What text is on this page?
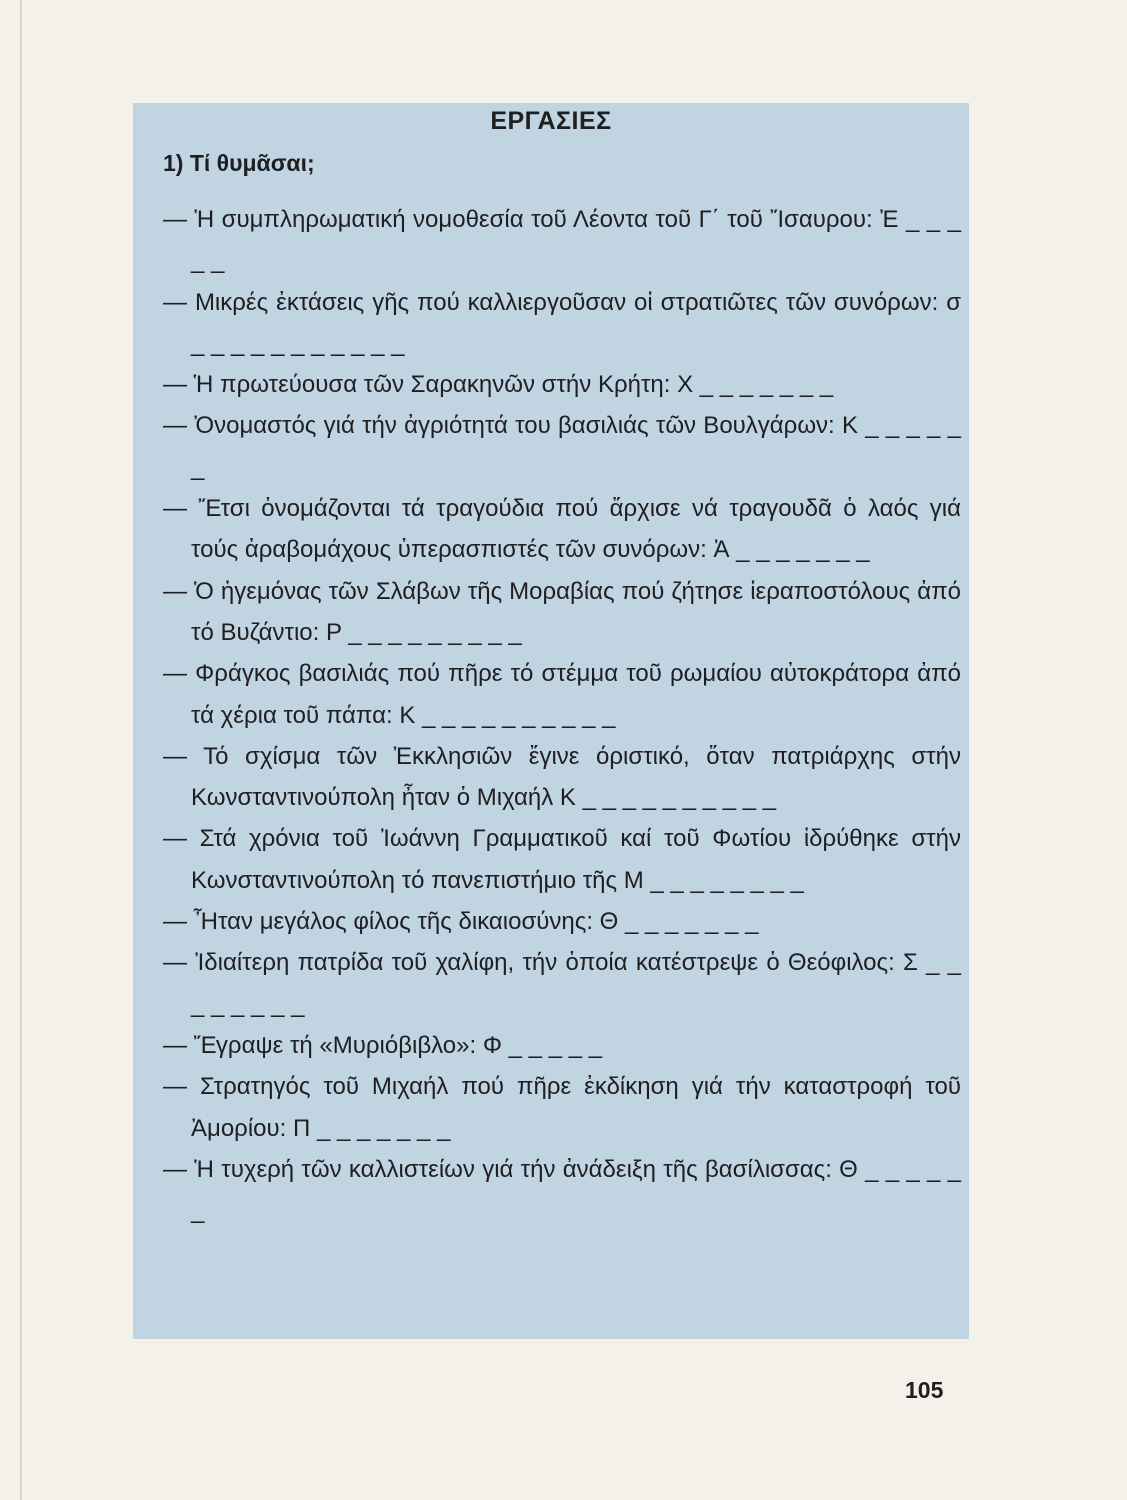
ΕΡΓΑΣΙΕΣ
1) Τί θυμᾶσαι;
— Ἡ συμπληρωματική νομοθεσία τοῦ Λέοντα τοῦ Γ΄ τοῦ Ἴσαυρου: Ἐ _ _ _ _ _
— Μικρές ἐκτάσεις γῆς πού καλλιεργοῦσαν οἱ στρατιῶτες τῶν συνόρων: σ _ _ _ _ _ _ _ _ _ _ _
— Ἡ πρωτεύουσα τῶν Σαρακηνῶν στήν Κρήτη: Χ _ _ _ _ _ _ _
— Ὀνομαστός γιά τήν ἀγριότητά του βασιλιάς τῶν Βουλγάρων: Κ _ _ _ _ _ _
— Ἔτσι ὀνομάζονται τά τραγούδια πού ἄρχισε νά τραγουδᾶ ὁ λαός γιά τούς ἀραβομάχους ὑπερασπιστές τῶν συνόρων: Ἀ _ _ _ _ _ _ _
— Ὁ ἡγεμόνας τῶν Σλάβων τῆς Μοραβίας πού ζήτησε ἱεραποστόλους ἀπό τό Βυζάντιο: Ρ _ _ _ _ _ _ _ _ _
— Φράγκος βασιλιάς πού πῆρε τό στέμμα τοῦ ρωμαίου αὐτοκράτορα ἀπό τά χέρια τοῦ πάπα: Κ _ _ _ _ _ _ _ _ _ _
— Τό σχίσμα τῶν Ἐκκλησιῶν ἔγινε όριστικό, ὅταν πατριάρχης στήν Κωνσταντινούπολη ἦταν ὁ Μιχαήλ Κ _ _ _ _ _ _ _ _ _ _
— Στά χρόνια τοῦ Ἰωάννη Γραμματικοῦ καί τοῦ Φωτίου ἱδρύθηκε στήν Κωνσταντινούπολη τό πανεπιστήμιο τῆς Μ _ _ _ _ _ _ _ _
— Ἦταν μεγάλος φίλος τῆς δικαιοσύνης: Θ _ _ _ _ _ _ _
— Ἰδιαίτερη πατρίδα τοῦ χαλίφη, τήν ὁποία κατέστρεψε ὁ Θεόφιλος: Σ _ _ _ _ _ _ _ _
— Ἔγραψε τή «Μυριόβιβλο»: Φ _ _ _ _ _
— Στρατηγός τοῦ Μιχαήλ πού πῆρε ἐκδίκηση γιά τήν καταστροφή τοῦ Ἀμορίου: Π _ _ _ _ _ _ _
— Ἡ τυχερή τῶν καλλιστείων γιά τήν ἀνάδειξη τῆς βασίλισσας: Θ _ _ _ _ _ _
105
